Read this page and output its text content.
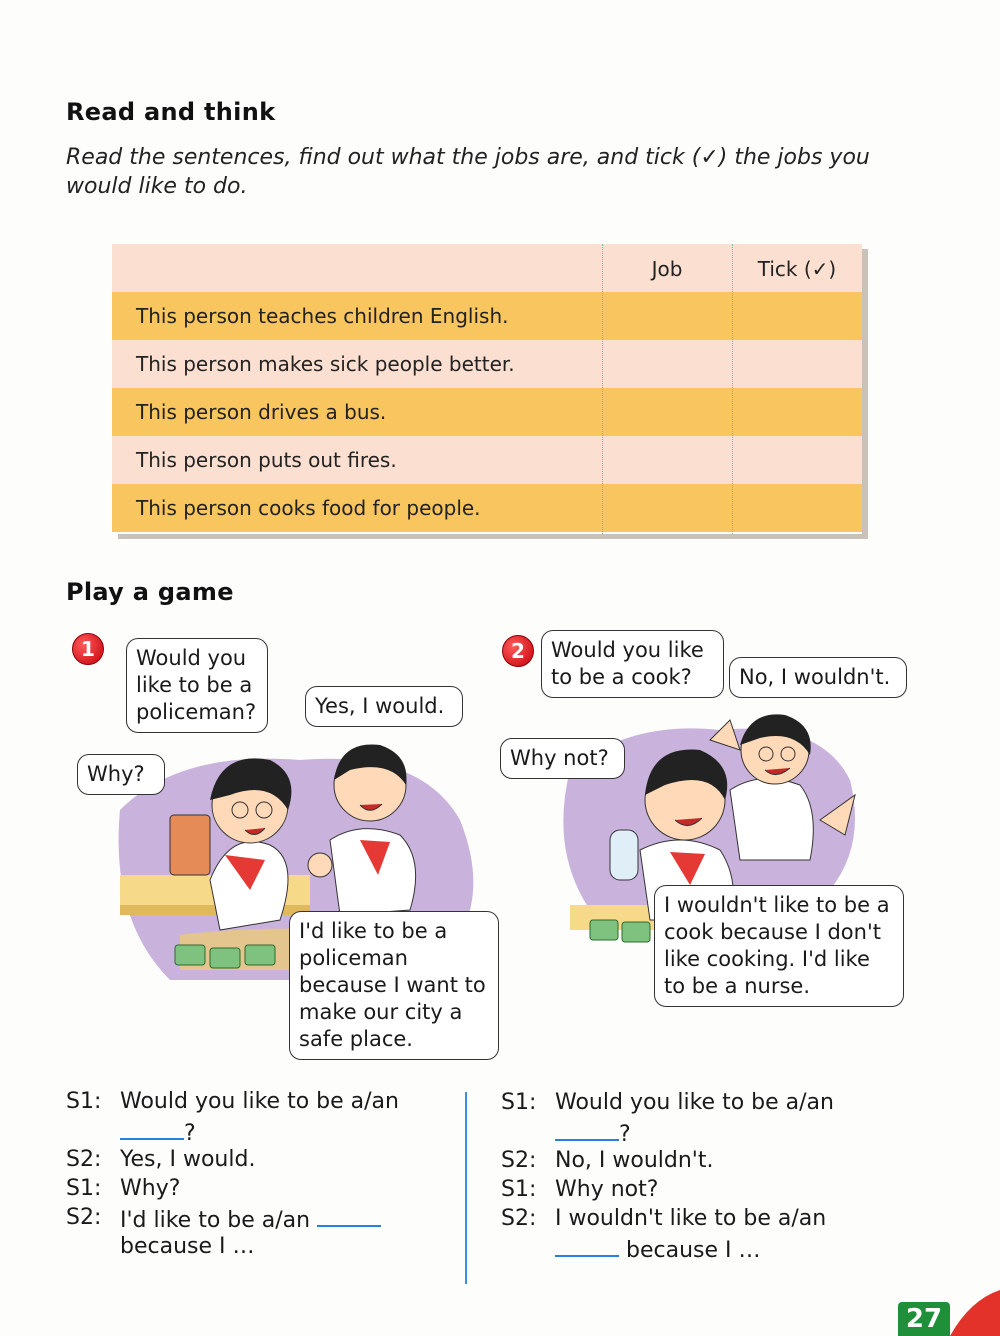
Read and think
Read the sentences, find out what the jobs are, and tick (✓) the jobs you would like to do.
Job	Tick (✓)
This person teaches children English.
This person makes sick people better.
This person drives a bus.
This person puts out fires.
This person cooks food for people.
Play a game
1	Would you like to be a policeman?	Yes, I would.
Why?
I'd like to be a policeman because I want to make our city a safe place.
2	Would you like to be a cook?	No, I wouldn't.
Why not?
I wouldn't like to be a cook because I don't like cooking. I'd like to be a nurse.
S1: Would you like to be a/an
?
S2: Yes, I would.
S1: Why?
S2: I'd like to be a/an
because I …
S1: Would you like to be a/an
?
S2: No, I wouldn't.
S1: Why not?
S2: I wouldn't like to be a/an
because I …
27
